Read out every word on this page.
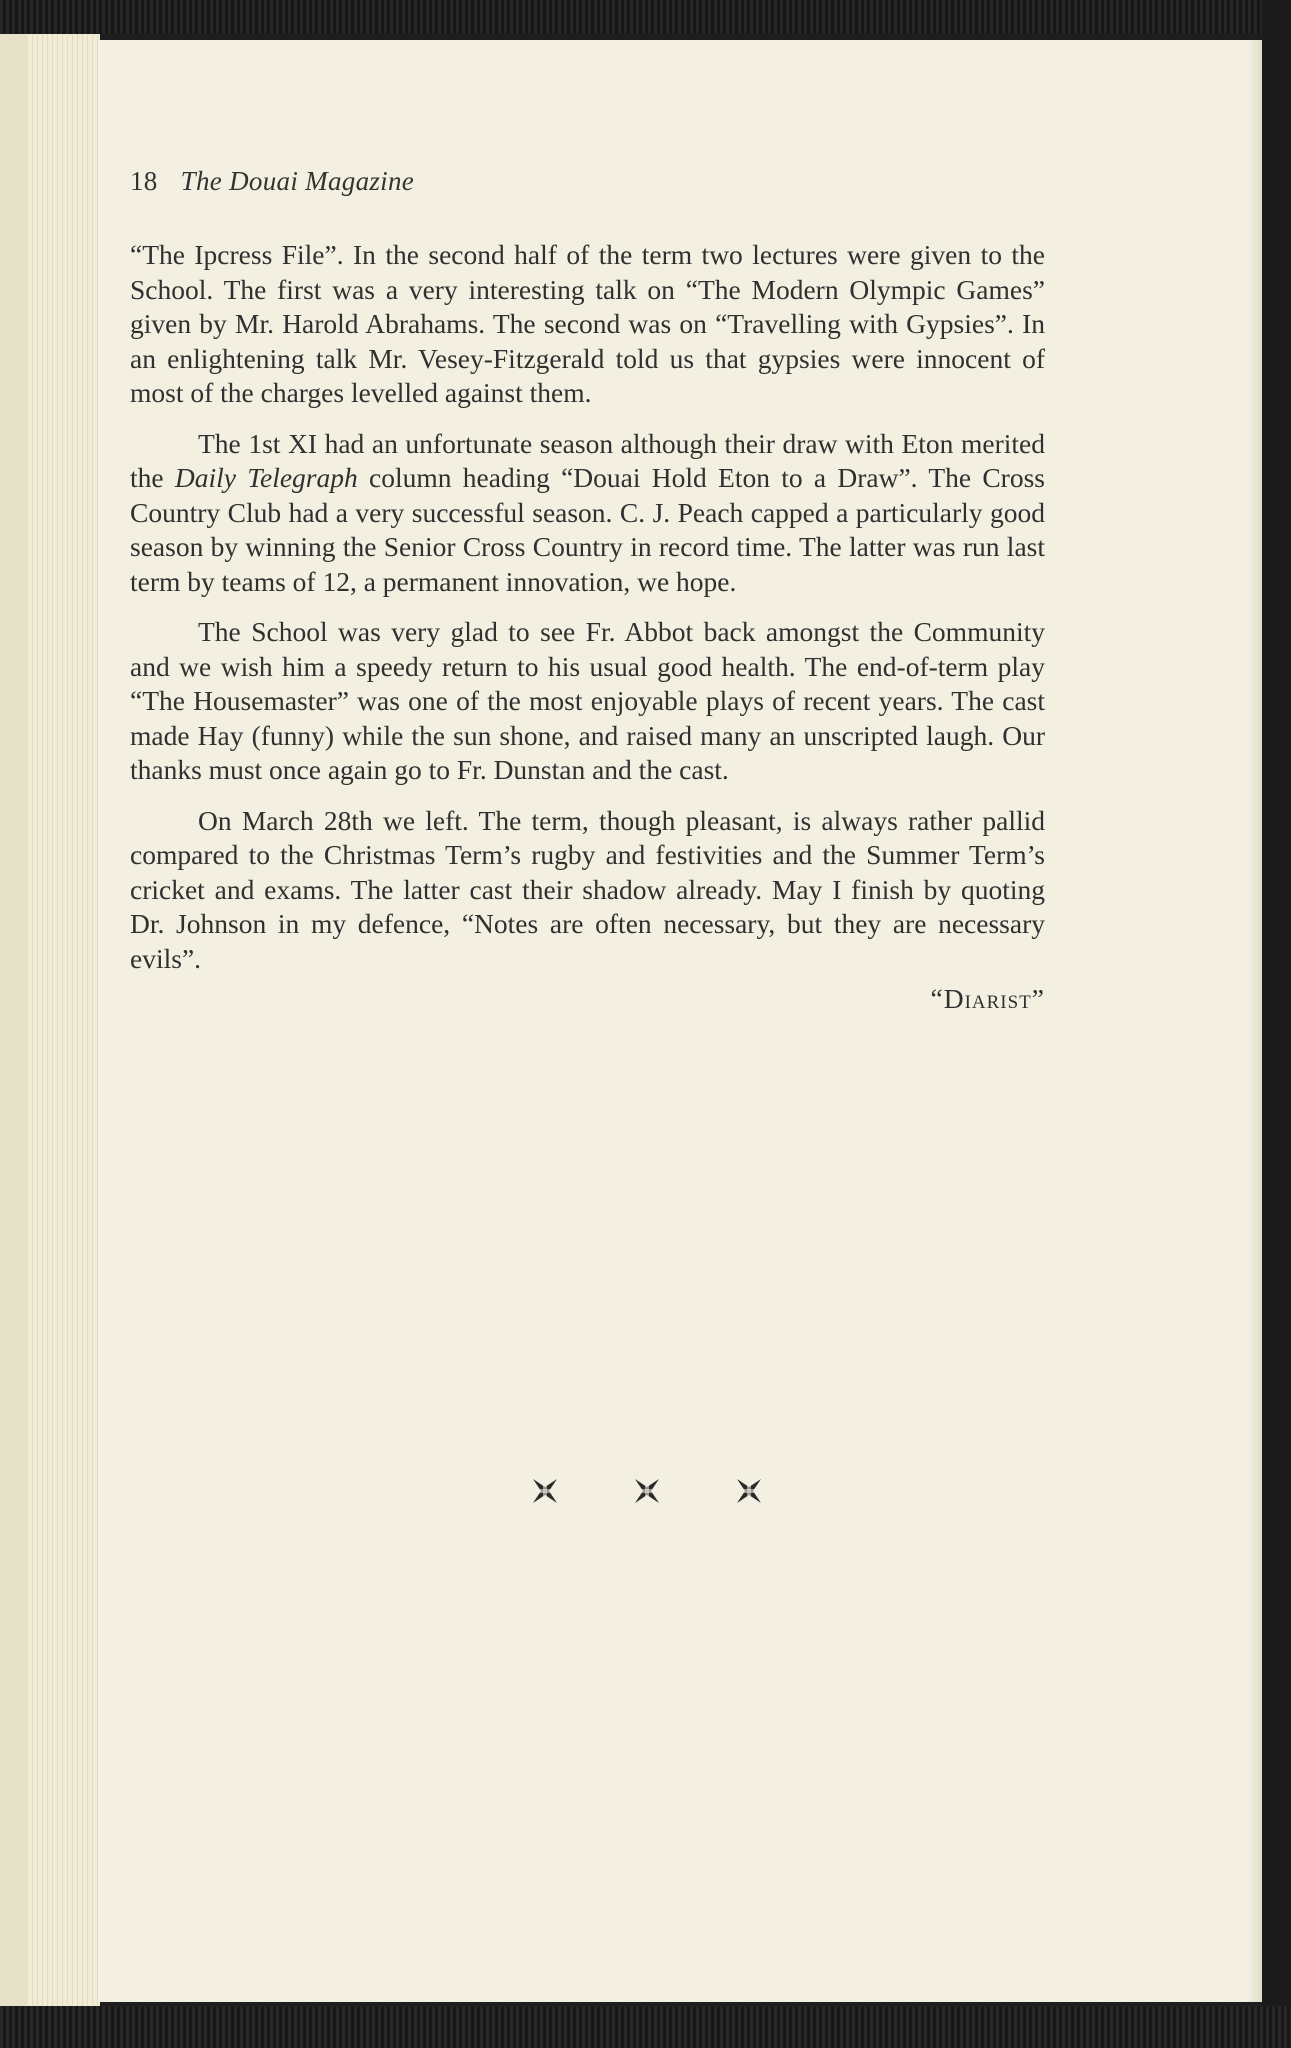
18 The Douai Magazine

“The Ipcress File”. In the second half of the term two lectures were given to the School. The first was a very interesting talk on “The Modern Olympic Games” given by Mr. Harold Abrahams. The second was on “Travelling with Gypsies”. In an enlightening talk Mr. Vesey-Fitzgerald told us that gypsies were innocent of most of the charges levelled against them.

The 1st XI had an unfortunate season although their draw with Eton merited the Daily Telegraph column heading “Douai Hold Eton to a Draw”. The Cross Country Club had a very successful season. C. J. Peach capped a particularly good season by winning the Senior Cross Country in record time. The latter was run last term by teams of 12, a permanent innovation, we hope.

The School was very glad to see Fr. Abbot back amongst the Community and we wish him a speedy return to his usual good health. The end-of-term play “The Housemaster” was one of the most enjoyable plays of recent years. The cast made Hay (funny) while the sun shone, and raised many an unscripted laugh. Our thanks must once again go to Fr. Dunstan and the cast.

On March 28th we left. The term, though pleasant, is always rather pallid compared to the Christmas Term’s rugby and festivities and the Summer Term’s cricket and exams. The latter cast their shadow already. May I finish by quoting Dr. Johnson in my defence, “Notes are often necessary, but they are necessary evils”.

“Diarist”
